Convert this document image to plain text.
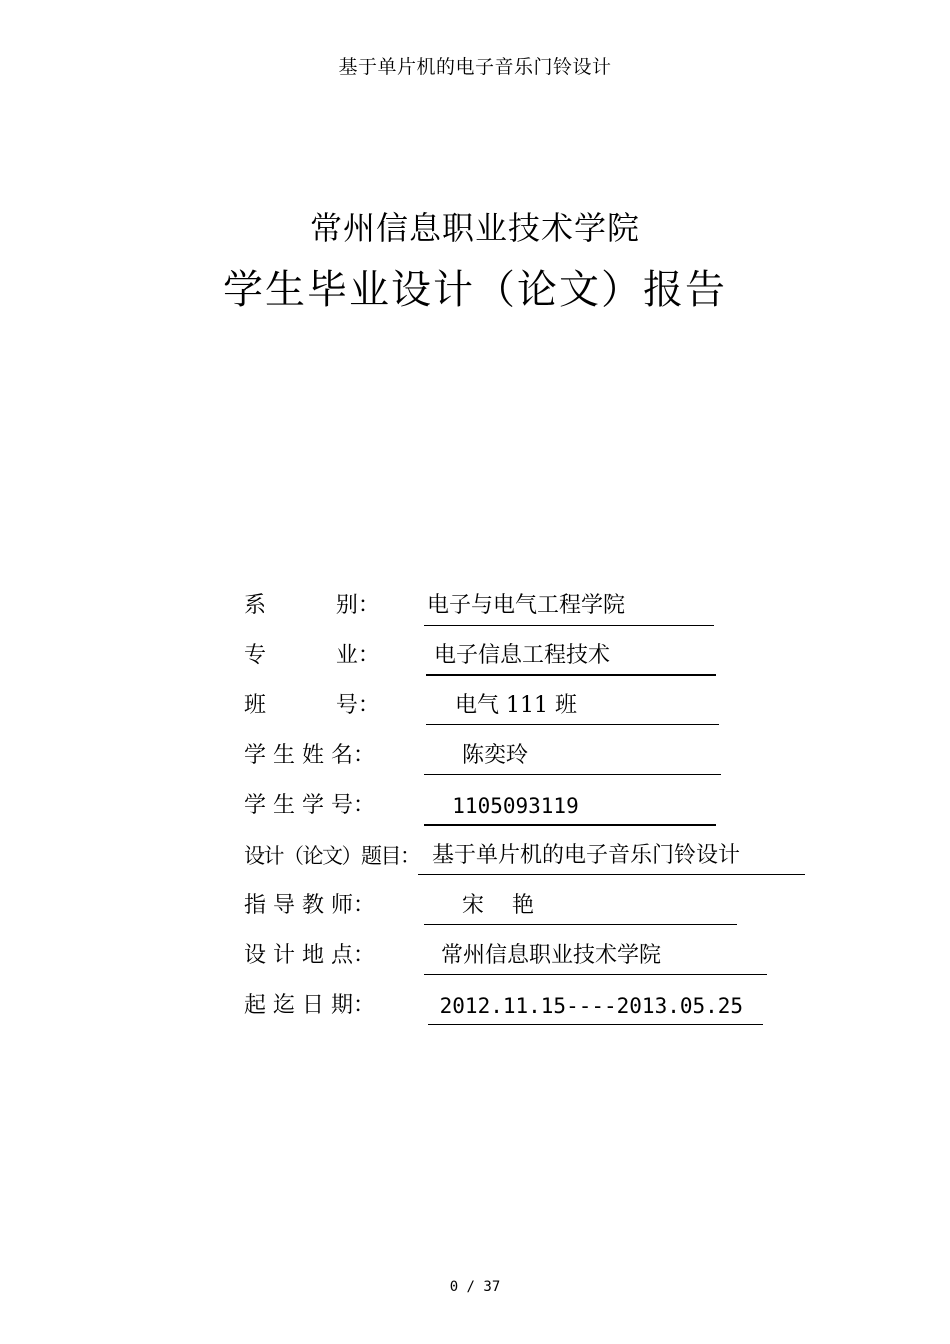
基于单片机的电子音乐门铃设计
常州信息职业技术学院
学生毕业设计（论文）报告
系          别：	电子与电气工程学院
专          业：	电子信息工程技术
班          号：	电气 111 班
学 生 姓 名：	陈奕玲
学 生 学 号：	1105093119
设计（论文）题目： 基于单片机的电子音乐门铃设计
指 导 教 师：	宋    艳
设 计 地 点：	常州信息职业技术学院
起 迄 日 期：	2012.11.15----2013.05.25
0 / 37
